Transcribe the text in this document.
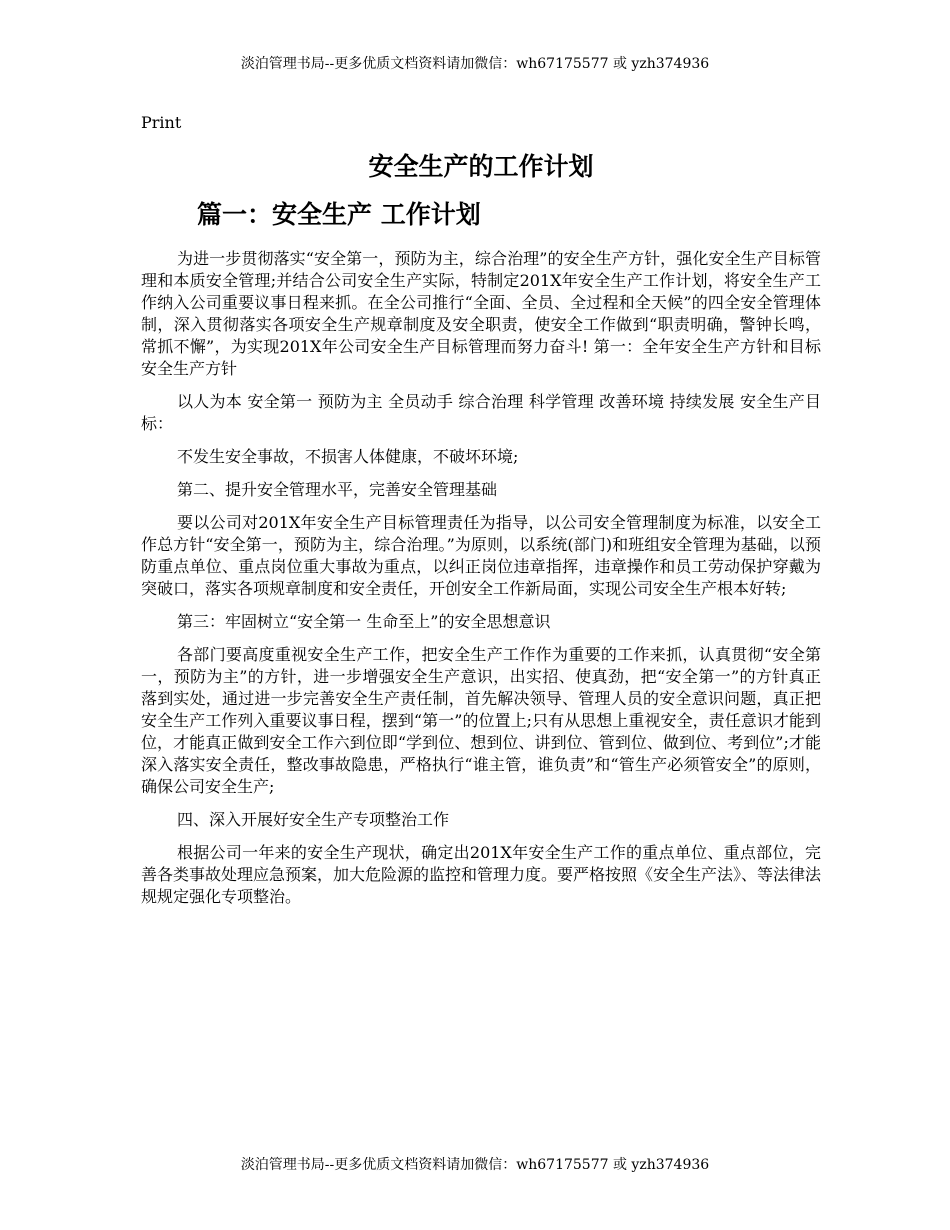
淡泊管理书局--更多优质文档资料请加微信：wh67175577 或 yzh374936
Print
安全生产的工作计划
篇一：安全生产 工作计划

为进一步贯彻落实“安全第一，预防为主，综合治理”的安全生产方针，强化安全生产目标管理和本质安全管理;并结合公司安全生产实际，特制定201X年安全生产工作计划，将安全生产工作纳入公司重要议事日程来抓。在全公司推行“全面、全员、全过程和全天候”的四全安全管理体制，深入贯彻落实各项安全生产规章制度及安全职责，使安全工作做到“职责明确，警钟长鸣，常抓不懈”，为实现201X年公司安全生产目标管理而努力奋斗! 第一：全年安全生产方针和目标 安全生产方针

以人为本 安全第一 预防为主 全员动手 综合治理 科学管理 改善环境 持续发展 安全生产目标：

不发生安全事故，不损害人体健康，不破坏环境;

第二、提升安全管理水平，完善安全管理基础

要以公司对201X年安全生产目标管理责任为指导，以公司安全管理制度为标准，以安全工作总方针“安全第一，预防为主，综合治理。”为原则，以系统(部门)和班组安全管理为基础，以预防重点单位、重点岗位重大事故为重点，以纠正岗位违章指挥，违章操作和员工劳动保护穿戴为突破口，落实各项规章制度和安全责任，开创安全工作新局面，实现公司安全生产根本好转;

第三：牢固树立“安全第一 生命至上”的安全思想意识

各部门要高度重视安全生产工作，把安全生产工作作为重要的工作来抓，认真贯彻“安全第一，预防为主”的方针，进一步增强安全生产意识，出实招、使真劲，把“安全第一”的方针真正落到实处，通过进一步完善安全生产责任制，首先解决领导、管理人员的安全意识问题，真正把安全生产工作列入重要议事日程，摆到“第一”的位置上;只有从思想上重视安全，责任意识才能到位，才能真正做到安全工作六到位即“学到位、想到位、讲到位、管到位、做到位、考到位”;才能深入落实安全责任，整改事故隐患，严格执行“谁主管，谁负责”和“管生产必须管安全”的原则，确保公司安全生产;

四、深入开展好安全生产专项整治工作

根据公司一年来的安全生产现状，确定出201X年安全生产工作的重点单位、重点部位，完善各类事故处理应急预案，加大危险源的监控和管理力度。要严格按照《安全生产法》、等法律法规规定强化专项整治。

淡泊管理书局--更多优质文档资料请加微信：wh67175577 或 yzh374936
